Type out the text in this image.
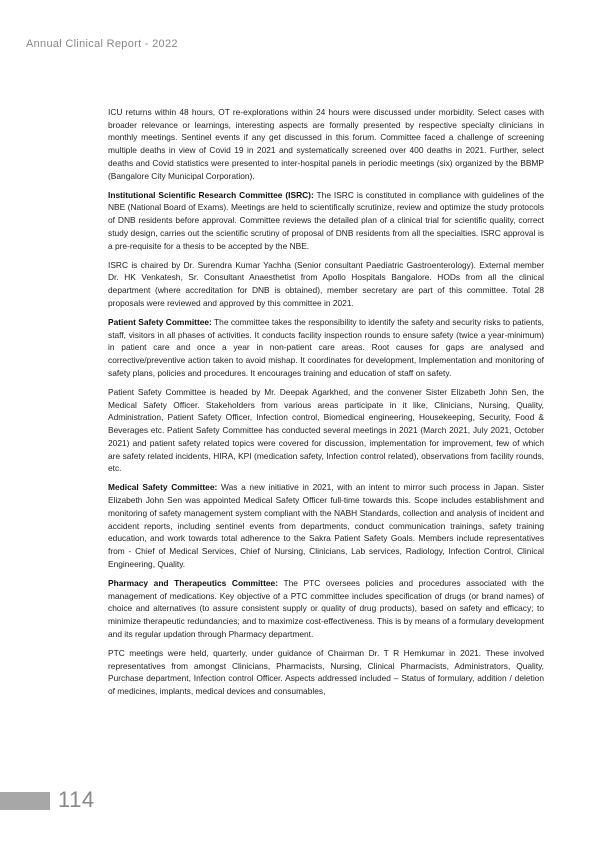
Annual Clinical Report - 2022

ICU returns within 48 hours, OT re-explorations within 24 hours were discussed under morbidity. Select cases with broader relevance or learnings, interesting aspects are formally presented by respective specialty clinicians in monthly meetings. Sentinel events if any get discussed in this forum. Committee faced a challenge of screening multiple deaths in view of Covid 19 in 2021 and systematically screened over 400 deaths in 2021. Further, select deaths and Covid statistics were presented to inter-hospital panels in periodic meetings (six) organized by the BBMP (Bangalore City Municipal Corporation).

Institutional Scientific Research Committee (ISRC): The ISRC is constituted in compliance with guidelines of the NBE (National Board of Exams). Meetings are held to scientifically scrutinize, review and optimize the study protocols of DNB residents before approval. Committee reviews the detailed plan of a clinical trial for scientific quality, correct study design, carries out the scientific scrutiny of proposal of DNB residents from all the specialties. ISRC approval is a pre-requisite for a thesis to be accepted by the NBE.

ISRC is chaired by Dr. Surendra Kumar Yachha (Senior consultant Paediatric Gastroenterology). External member Dr. HK Venkatesh, Sr. Consultant Anaesthetist from Apollo Hospitals Bangalore. HODs from all the clinical department (where accreditation for DNB is obtained), member secretary are part of this committee. Total 28 proposals were reviewed and approved by this committee in 2021.

Patient Safety Committee: The committee takes the responsibility to identify the safety and security risks to patients, staff, visitors in all phases of activities. It conducts facility inspection rounds to ensure safety (twice a year-minimum) in patient care and once a year in non-patient care areas. Root causes for gaps are analysed and corrective/preventive action taken to avoid mishap. It coordinates for development, Implementation and monitoring of safety plans, policies and procedures. It encourages training and education of staff on safety.

Patient Safety Committee is headed by Mr. Deepak Agarkhed, and the convener Sister Elizabeth John Sen, the Medical Safety Officer. Stakeholders from various areas participate in it like, Clinicians, Nursing, Quality, Administration, Patient Safety Officer, Infection control, Biomedical engineering, Housekeeping, Security, Food & Beverages etc. Patient Safety Committee has conducted several meetings in 2021 (March 2021, July 2021, October 2021) and patient safety related topics were covered for discussion, implementation for improvement, few of which are safety related incidents, HIRA, KPI (medication safety, Infection control related), observations from facility rounds, etc.

Medical Safety Committee: Was a new initiative in 2021, with an intent to mirror such process in Japan. Sister Elizabeth John Sen was appointed Medical Safety Officer full-time towards this. Scope includes establishment and monitoring of safety management system compliant with the NABH Standards, collection and analysis of incident and accident reports, including sentinel events from departments, conduct communication trainings, safety training education, and work towards total adherence to the Sakra Patient Safety Goals. Members include representatives from - Chief of Medical Services, Chief of Nursing, Clinicians, Lab services, Radiology, Infection Control, Clinical Engineering, Quality.

Pharmacy and Therapeutics Committee: The PTC oversees policies and procedures associated with the management of medications. Key objective of a PTC committee includes specification of drugs (or brand names) of choice and alternatives (to assure consistent supply or quality of drug products), based on safety and efficacy; to minimize therapeutic redundancies; and to maximize cost-effectiveness. This is by means of a formulary development and its regular updation through Pharmacy department.

PTC meetings were held, quarterly, under guidance of Chairman Dr. T R Hemkumar in 2021. These involved representatives from amongst Clinicians, Pharmacists, Nursing, Clinical Pharmacists, Administrators, Quality, Purchase department, Infection control Officer. Aspects addressed included – Status of formulary, addition / deletion of medicines, implants, medical devices and consumables,

114
